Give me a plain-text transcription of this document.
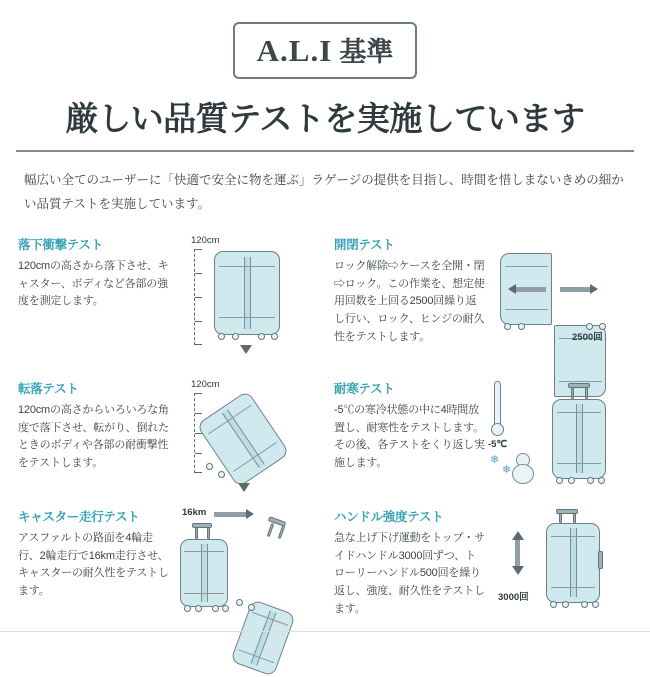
A.L.I 基準
厳しい品質テストを実施しています
幅広い全てのユーザーに「快適で安全に物を運ぶ」ラゲージの提供を目指し、時間を惜しまないきめの細かい品質テストを実施しています。
落下衝撃テスト
120cmの高さから落下させ、キャスター、ボディなど各部の強度を測定します。
120cm	開閉テスト
ロック解除⇨ケースを全開・閉⇨ロック。この作業を、想定使用回数を上回る2500回繰り返し行い、ロック、ヒンジの耐久性をテストします。	2500回
転落テスト
120cmの高さからいろいろな角度で落下させ、転がり、倒れたときのボディや各部の耐衝撃性をテストします。
120cm	耐寒テスト
-5℃の寒冷状態の中に4時間放置し、耐寒性をテストします。その後、各テストをくり返し実施します。
-5℃
❄
❄
キャスター走行テスト
アスファルトの路面を4輪走行、2輪走行で16km走行させ、キャスターの耐久性をテストします。
16km	ハンドル強度テスト
急な上げ下げ運動をトップ・サイドハンドル3000回ずつ、トローリーハンドル500回を繰り返し、強度、耐久性をテストします。
3000回
